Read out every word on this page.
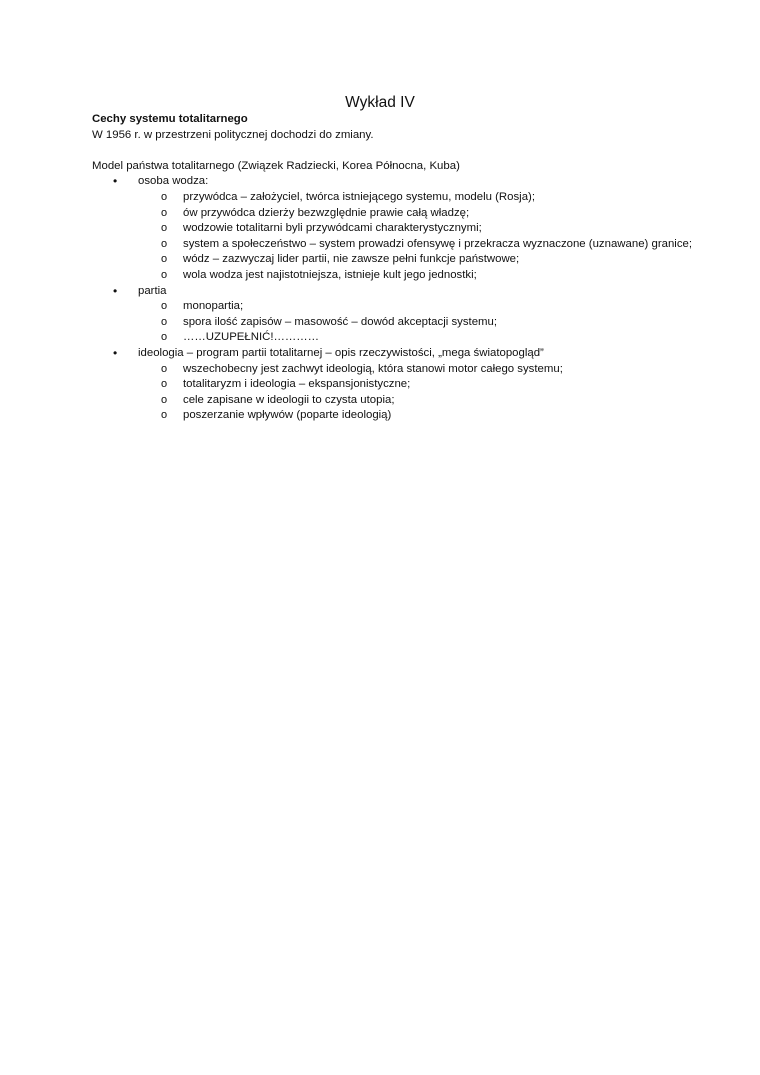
Wykład IV

Cechy systemu totalitarnego

W 1956 r. w przestrzeni politycznej dochodzi do zmiany.

Model państwa totalitarnego (Związek Radziecki, Korea Północna, Kuba)

• osoba wodza:
o przywódca – założyciel, twórca istniejącego systemu, modelu (Rosja);
o ów przywódca dzierży bezwzględnie prawie całą władzę;
o wodzowie totalitarni byli przywódcami charakterystycznymi;
o system a społeczeństwo – system prowadzi ofensywę i przekracza wyznaczone (uznawane) granice;
o wódz – zazwyczaj lider partii, nie zawsze pełni funkcje państwowe;
o wola wodza jest najistotniejsza, istnieje kult jego jednostki;
• partia
o monopartia;
o spora ilość zapisów – masowość – dowód akceptacji systemu;
o ……UZUPEŁNIĆ!…………
• ideologia – program partii totalitarnej – opis rzeczywistości, „mega światopogląd”
o wszechobecny jest zachwyt ideologią, która stanowi motor całego systemu;
o totalitaryzm i ideologia – ekspansjonistyczne;
o cele zapisane w ideologii to czysta utopia;
o poszerzanie wpływów (poparte ideologią)
